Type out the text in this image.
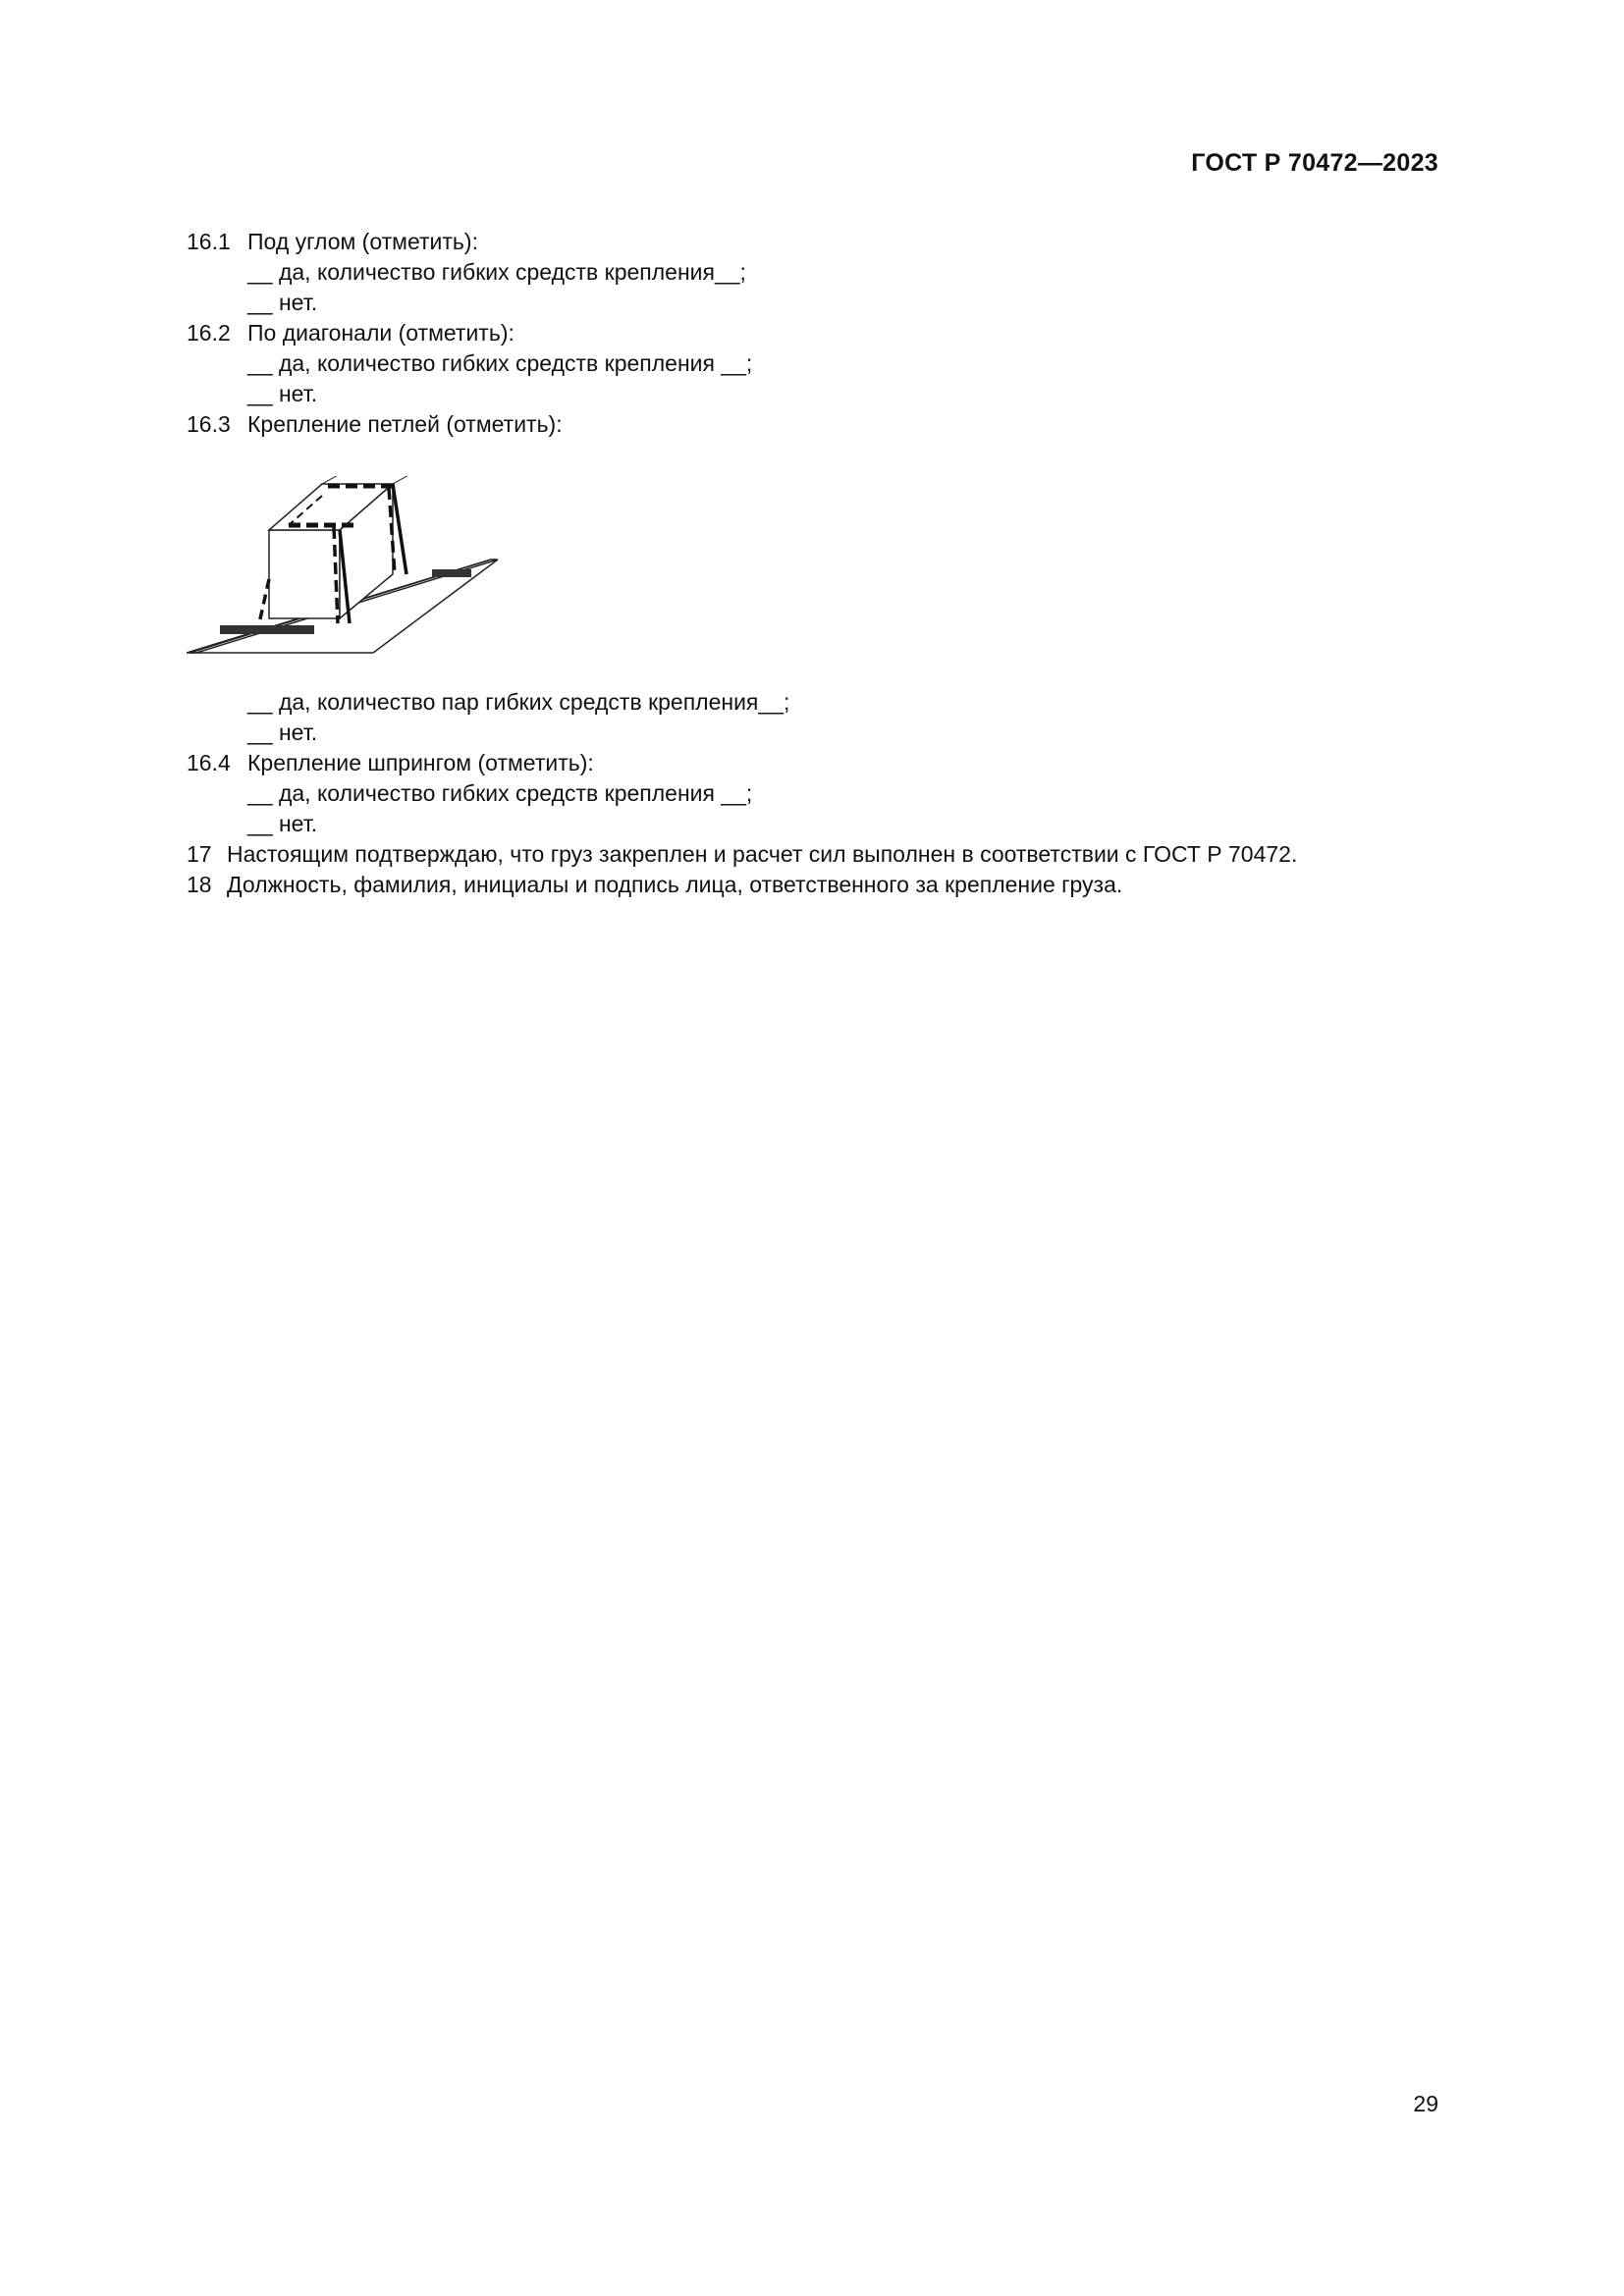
ГОСТ Р 70472—2023
16.1 Под углом (отметить):
__ да, количество гибких средств крепления__;
__ нет.
16.2 По диагонали (отметить):
__ да, количество гибких средств крепления __;
__ нет.
16.3 Крепление петлей (отметить):
__ да, количество пар гибких средств крепления__;
__ нет.
16.4 Крепление шпрингом (отметить):
__ да, количество гибких средств крепления __;
__ нет.
17 Настоящим подтверждаю, что груз закреплен и расчет сил выполнен в соответствии с ГОСТ Р 70472.
18 Должность, фамилия, инициалы и подпись лица, ответственного за крепление груза.
29
